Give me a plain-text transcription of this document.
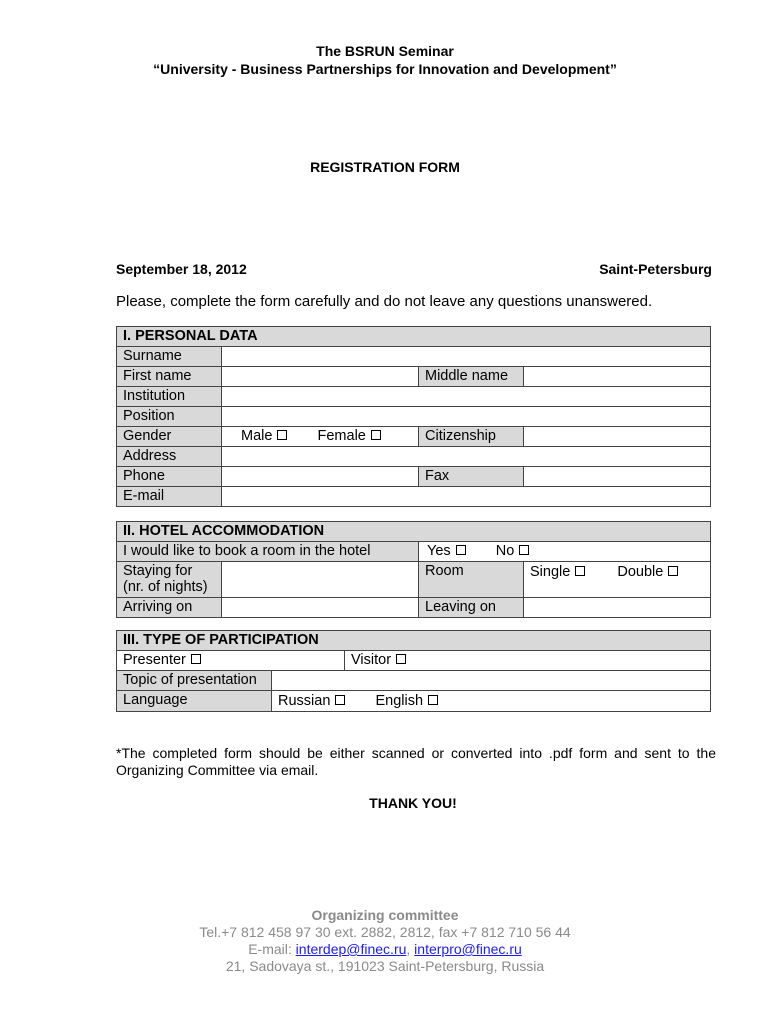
The BSRUN Seminar
“University - Business Partnerships for Innovation and Development”
REGISTRATION FORM
September 18, 2012	Saint-Petersburg
Please, complete the form carefully and do not leave any questions unanswered.
I. PERSONAL DATA			
Surname			
First name		Middle name	
Institution			
Position			
Gender	Male Female	Citizenship	
Address			
Phone		Fax	
E-mail			
II. HOTEL ACCOMMODATION			
I would like to book a room in the hotel		Yes No	

Staying for
(nr. of nights)		Room	Single Double
Arriving on		Leaving on	
III. TYPE OF PARTICIPATION		
Presenter		Visitor
Topic of presentation		
Language	Russian English	
*The completed form should be either scanned or converted into .pdf form and sent to the Organizing Committee via email.
THANK YOU!
Organizing committee
Tel.+7 812 458 97 30 ext. 2882, 2812, fax +7 812 710 56 44
E-mail: interdep@finec.ru, interpro@finec.ru
21, Sadovaya st., 191023 Saint-Petersburg, Russia
